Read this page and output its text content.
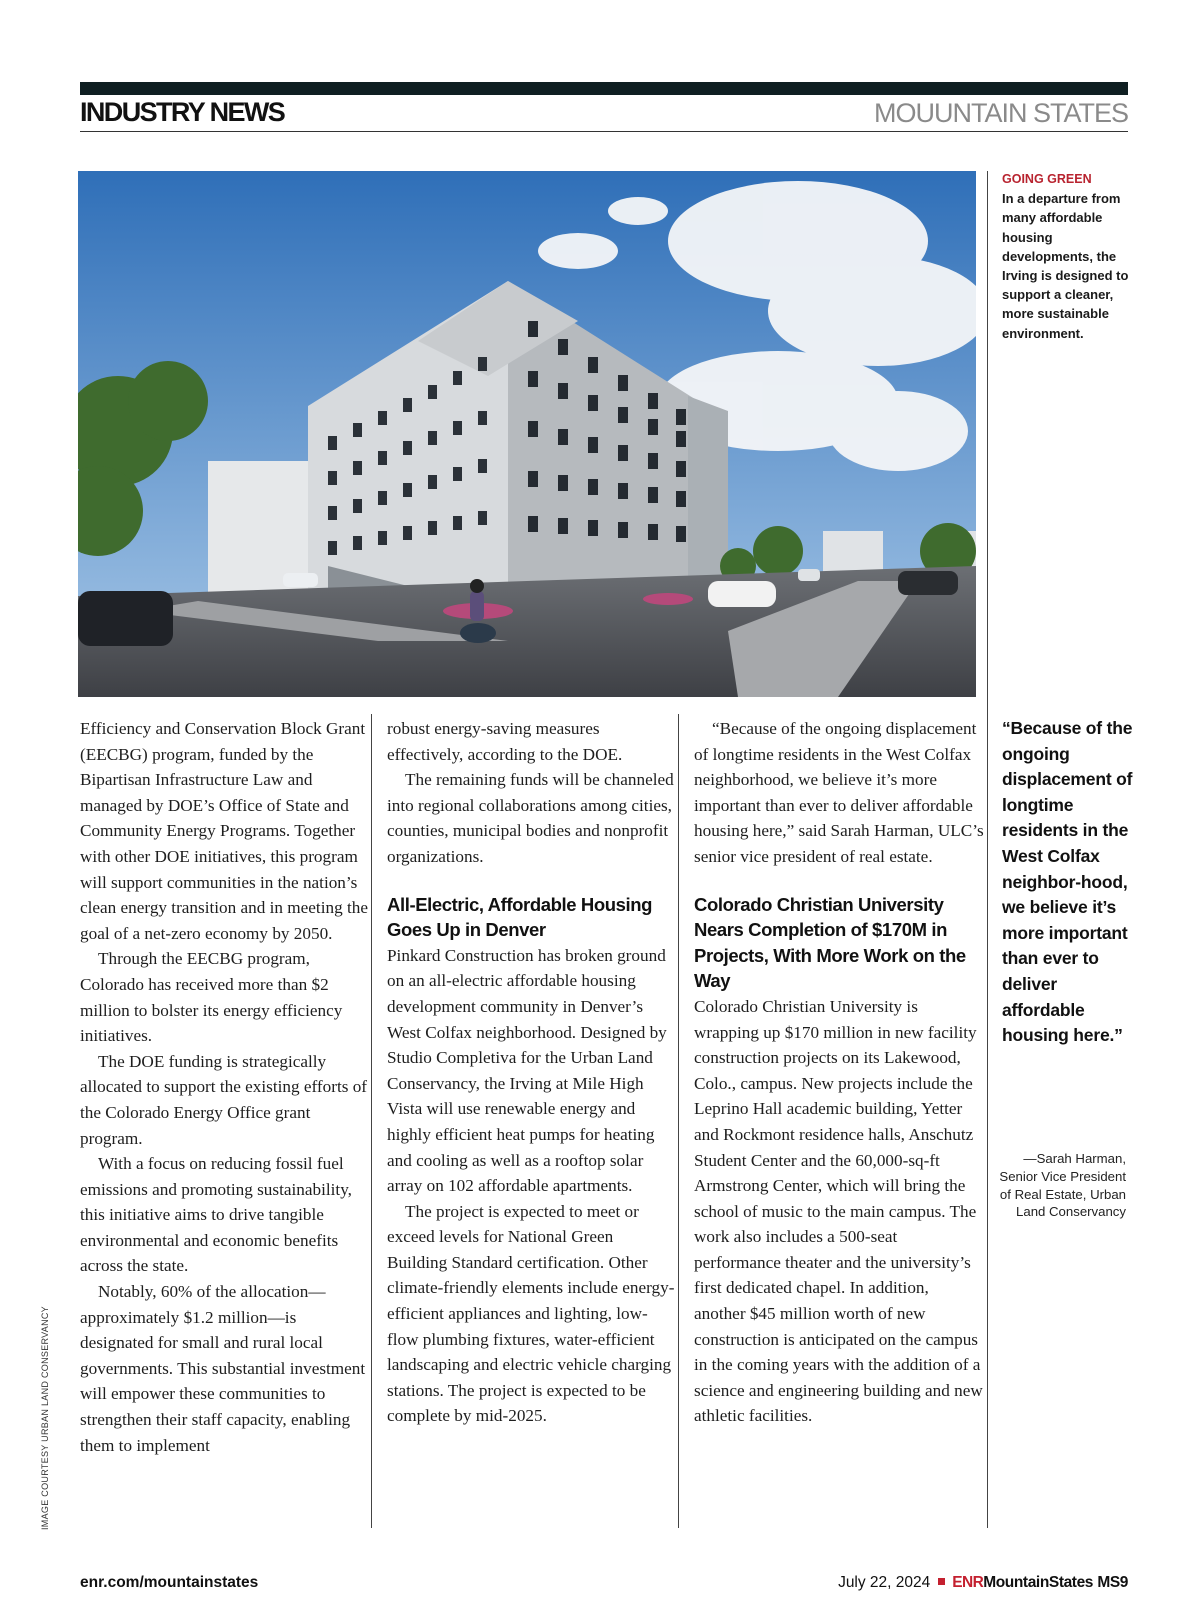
INDUSTRY NEWS	MOUUNTAIN STATES
GOING GREEN
In a departure from many affordable housing developments, the Irving is designed to support a cleaner, more sustainable environment.

Efficiency and Conservation Block Grant (EECBG) program, funded by the Bipartisan Infrastructure Law and managed by DOE’s Office of State and Community Energy Programs. Together with other DOE initiatives, this program will support communities in the nation’s clean energy transition and in meeting the goal of a net-zero economy by 2050.

Through the EECBG program, Colorado has received more than $2 million to bolster its energy efficiency initiatives.

The DOE funding is strategically allocated to support the existing efforts of the Colorado Energy Office grant program.

With a focus on reducing fossil fuel emissions and promoting sustainability, this initiative aims to drive tangible environmental and economic benefits across the state.

Notably, 60% of the allocation—approximately $1.2 million—is designated for small and rural local governments. This substantial investment will empower these communities to strengthen their staff capacity, enabling them to implement

robust energy-saving measures effectively, according to the DOE.

The remaining funds will be channeled into regional collaborations among cities, counties, municipal bodies and nonprofit organizations.

All-Electric, Affordable Housing Goes Up in Denver

Pinkard Construction has broken ground on an all-electric affordable housing development community in Denver’s West Colfax neighborhood. Designed by Studio Completiva for the Urban Land Conservancy, the Irving at Mile High Vista will use renewable energy and highly efficient heat pumps for heating and cooling as well as a rooftop solar array on 102 affordable apartments.

The project is expected to meet or exceed levels for National Green Building Standard certification. Other climate-friendly elements include energy-efficient appliances and lighting, low-flow plumbing fixtures, water-efficient landscaping and electric vehicle charging stations. The project is expected to be complete by mid-2025.

“Because of the ongoing displacement of longtime residents in the West Colfax neighborhood, we believe it’s more important than ever to deliver affordable housing here,” said Sarah Harman, ULC’s senior vice president of real estate.

Colorado Christian University Nears Completion of $170M in Projects, With More Work on the Way

Colorado Christian University is wrapping up $170 million in new facility construction projects on its Lakewood, Colo., campus. New projects include the Leprino Hall academic building, Yetter and Rockmont residence halls, Anschutz Student Center and the 60,000-sq-ft Armstrong Center, which will bring the school of music to the main campus. The work also includes a 500-seat performance theater and the university’s first dedicated chapel. In addition, another $45 million worth of new construction is anticipated on the campus in the coming years with the addition of a science and engineering building and new athletic facilities.

“Because of the ongoing displacement of longtime residents in the West Colfax neighbor-hood, we believe it’s more important than ever to deliver affordable housing here.”
—Sarah Harman, Senior Vice President of Real Estate, Urban Land Conservancy
IMAGE COURTESY URBAN LAND CONSERVANCY
enr.com/mountainstates	July 22, 2024 ENRMountainStates MS9
